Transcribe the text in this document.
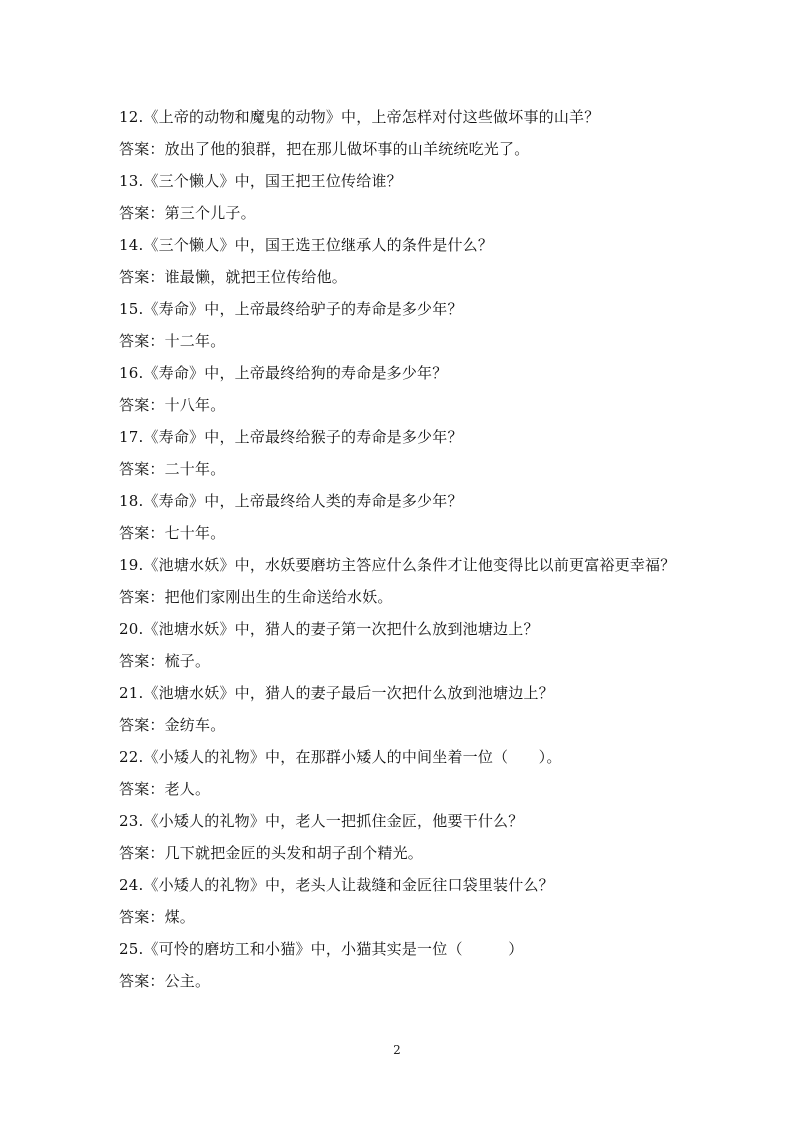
12.《上帝的动物和魔鬼的动物》中，上帝怎样对付这些做坏事的山羊？
答案：放出了他的狼群，把在那儿做坏事的山羊统统吃光了。
13.《三个懒人》中，国王把王位传给谁？
答案：第三个儿子。
14.《三个懒人》中，国王选王位继承人的条件是什么？
答案：谁最懒，就把王位传给他。
15.《寿命》中，上帝最终给驴子的寿命是多少年？
答案：十二年。
16.《寿命》中，上帝最终给狗的寿命是多少年？
答案：十八年。
17.《寿命》中，上帝最终给猴子的寿命是多少年？
答案：二十年。
18.《寿命》中，上帝最终给人类的寿命是多少年？
答案：七十年。
19.《池塘水妖》中，水妖要磨坊主答应什么条件才让他变得比以前更富裕更幸福？
答案：把他们家刚出生的生命送给水妖。
20.《池塘水妖》中，猎人的妻子第一次把什么放到池塘边上？
答案：梳子。
21.《池塘水妖》中，猎人的妻子最后一次把什么放到池塘边上？
答案：金纺车。
22.《小矮人的礼物》中，在那群小矮人的中间坐着一位（　　）。
答案：老人。
23.《小矮人的礼物》中，老人一把抓住金匠，他要干什么？
答案：几下就把金匠的头发和胡子刮个精光。
24.《小矮人的礼物》中，老头人让裁缝和金匠往口袋里装什么？
答案：煤。
25.《可怜的磨坊工和小猫》中，小猫其实是一位（　　　）
答案：公主。
2
